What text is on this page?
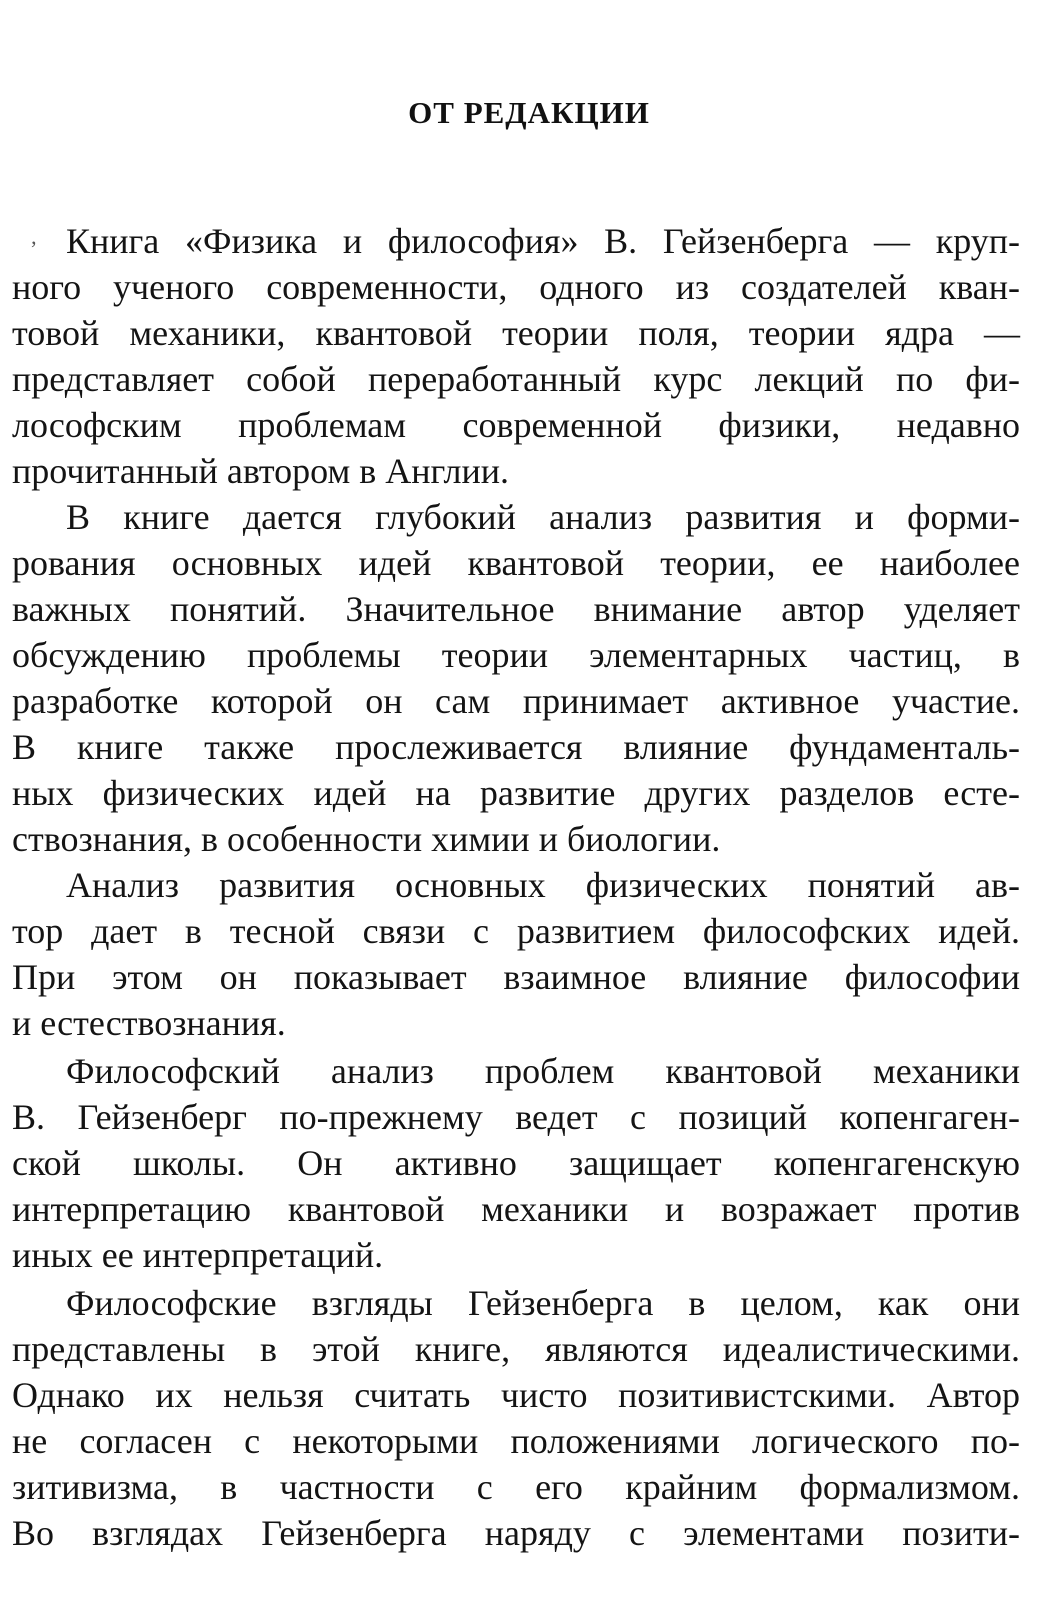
ОТ РЕДАКЦИИ
‚ Книга «Физика и философия» В. Гейзенберга — круп-
ного ученого современности, одного из создателей кван-
товой механики, квантовой теории поля, теории ядра —
представляет собой переработанный курс лекций по фи-
лософским проблемам современной физики, недавно
прочитанный автором в Англии.
В книге дается глубокий анализ развития и форми-
рования основных идей квантовой теории, ее наиболее
важных понятий. Значительное внимание автор уделяет
обсуждению проблемы теории элементарных частиц, в
разработке которой он сам принимает активное участие.
В книге также прослеживается влияние фундаменталь-
ных физических идей на развитие других разделов есте-
ствознания, в особенности химии и биологии.
Анализ развития основных физических понятий ав-
тор дает в тесной связи с развитием философских идей.
При этом он показывает взаимное влияние философии
и естествознания.
Философский анализ проблем квантовой механики
В. Гейзенберг по-прежнему ведет с позиций копенгаген-
ской школы. Он активно защищает копенгагенскую
интерпретацию квантовой механики и возражает против
иных ее интерпретаций.
Философские взгляды Гейзенберга в целом, как они
представлены в этой книге, являются идеалистическими.
Однако их нельзя считать чисто позитивистскими. Автор
не согласен с некоторыми положениями логического по-
зитивизма, в частности с его крайним формализмом.
Во взглядах Гейзенберга наряду с элементами позити-
